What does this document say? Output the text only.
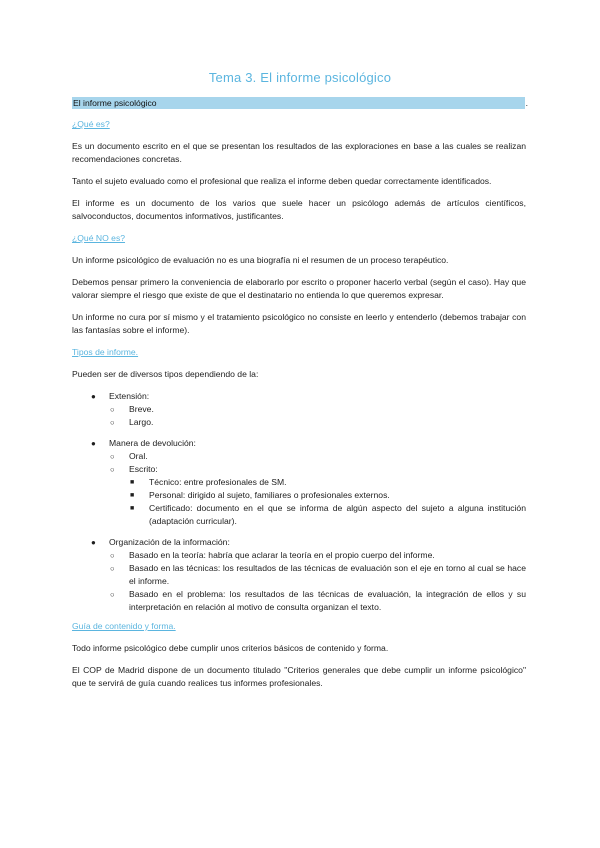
Tema 3. El informe psicológico
El informe psicológico	.

¿Qué es?

Es un documento escrito en el que se presentan los resultados de las exploraciones en base a las cuales se realizan recomendaciones concretas.

Tanto el sujeto evaluado como el profesional que realiza el informe deben quedar correctamente identificados.

El informe es un documento de los varios que suele hacer un psicólogo además de artículos científicos, salvoconductos, documentos informativos, justificantes.

¿Qué NO es?

Un informe psicológico de evaluación no es una biografía ni el resumen de un proceso terapéutico.

Debemos pensar primero la conveniencia de elaborarlo por escrito o proponer hacerlo verbal (según el caso). Hay que valorar siempre el riesgo que existe de que el destinatario no entienda lo que queremos expresar.

Un informe no cura por sí mismo y el tratamiento psicológico no consiste en leerlo y entenderlo (debemos trabajar con las fantasías sobre el informe).

Tipos de informe.

Pueden ser de diversos tipos dependiendo de la:

● Extensión:
○ Breve.
○ Largo.
● Manera de devolución:
○ Oral.
○ Escrito:
■ Técnico: entre profesionales de SM.
■ Personal: dirigido al sujeto, familiares o profesionales externos.
■ Certificado: documento en el que se informa de algún aspecto del sujeto a alguna institución (adaptación curricular).
● Organización de la información:
○ Basado en la teoría: habría que aclarar la teoría en el propio cuerpo del informe.
○ Basado en las técnicas: los resultados de las técnicas de evaluación son el eje en torno al cual se hace el informe.
○ Basado en el problema: los resultados de las técnicas de evaluación, la integración de ellos y su interpretación en relación al motivo de consulta organizan el texto.

Guía de contenido y forma.

Todo informe psicológico debe cumplir unos criterios básicos de contenido y forma.

El COP de Madrid dispone de un documento titulado "Criterios generales que debe cumplir un informe psicológico" que te servirá de guía cuando realices tus informes profesionales.
